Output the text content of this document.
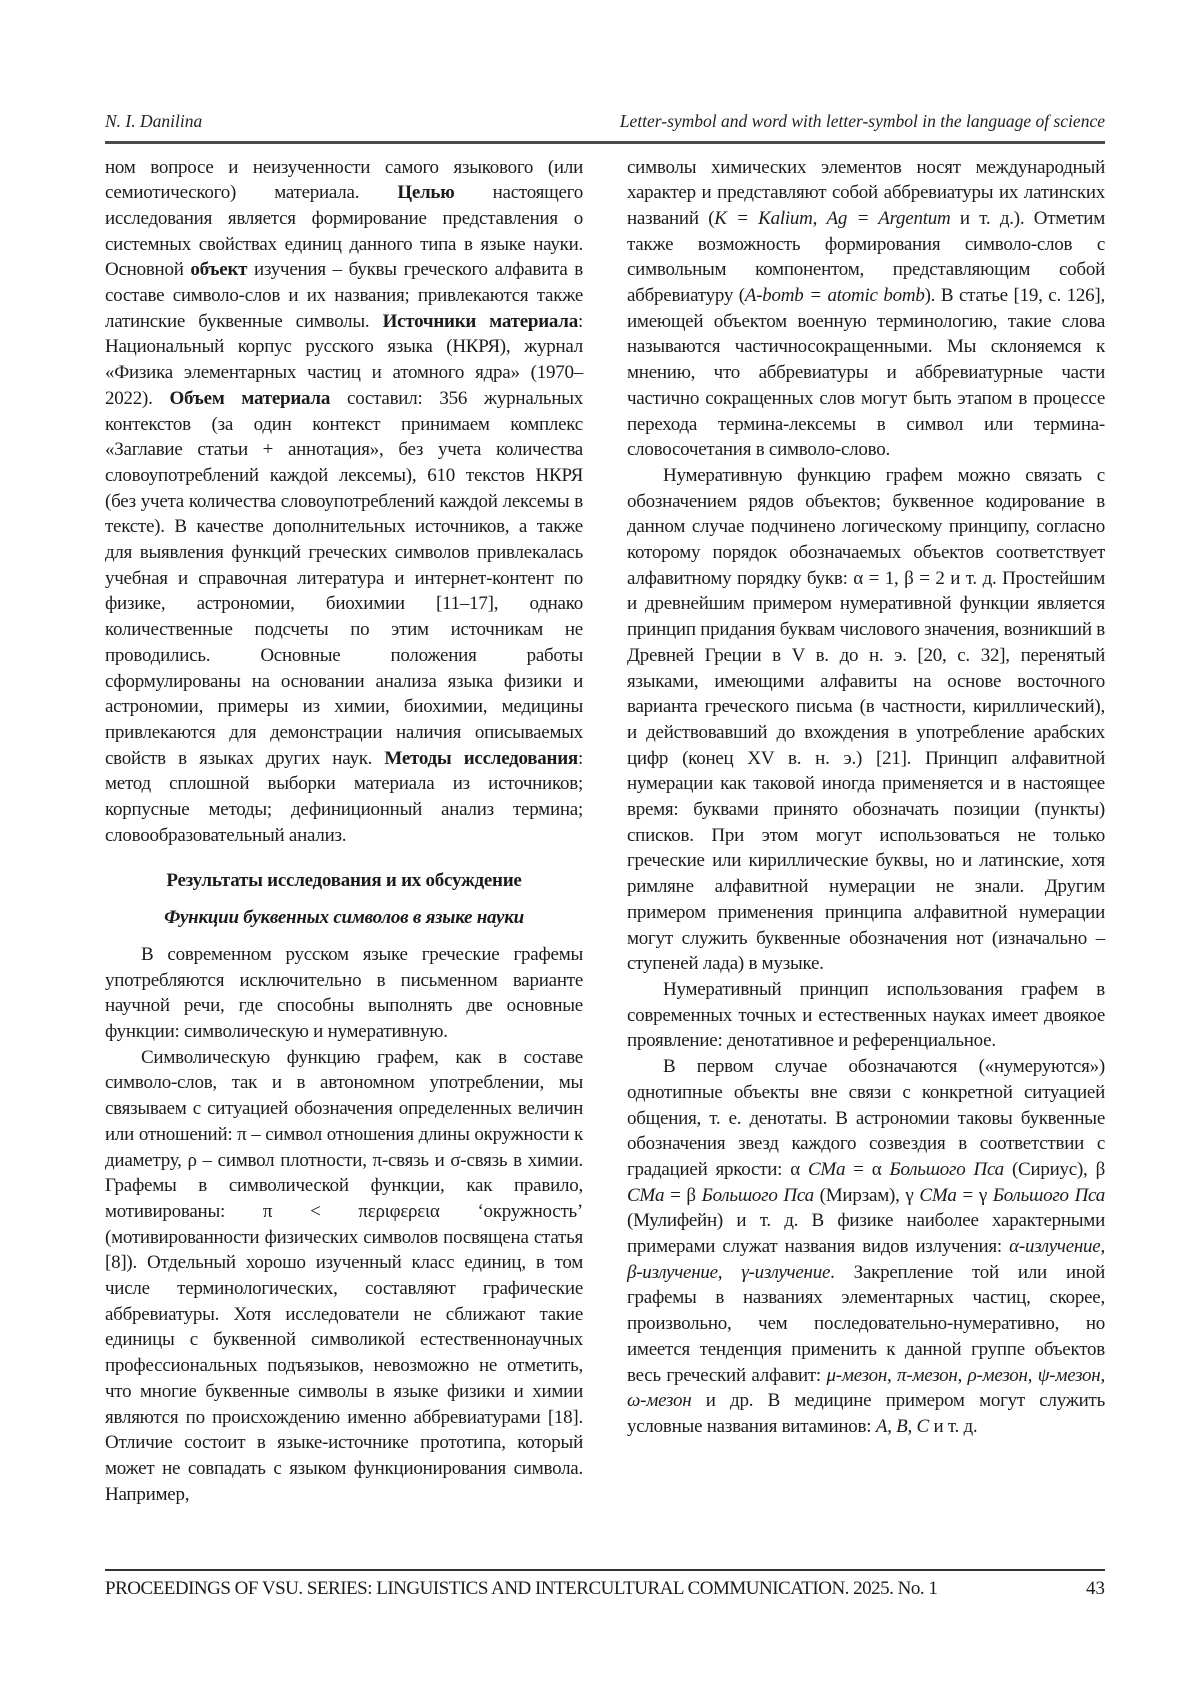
N. I. Danilina	Letter-symbol and word with letter-symbol in the language of science

ном вопросе и неизученности самого языкового (или семиотического) материала. Целью настоящего исследования является формирование представления о системных свойствах единиц данного типа в языке науки. Основной объект изучения – буквы греческого алфавита в составе символо-слов и их названия; привлекаются также латинские буквенные символы. Источники материала: Национальный корпус русского языка (НКРЯ), журнал «Физика элементарных частиц и атомного ядра» (1970–2022). Объем материала составил: 356 журнальных контекстов (за один контекст принимаем комплекс «Заглавие статьи + аннотация», без учета количества словоупотреблений каждой лексемы), 610 текстов НКРЯ (без учета количества словоупотреблений каждой лексемы в тексте). В качестве дополнительных источников, а также для выявления функций греческих символов привлекалась учебная и справочная литература и интернет-контент по физике, астрономии, биохимии [11–17], однако количественные подсчеты по этим источникам не проводились. Основные положения работы сформулированы на основании анализа языка физики и астрономии, примеры из химии, биохимии, медицины привлекаются для демонстрации наличия описываемых свойств в языках других наук. Методы исследования: метод сплошной выборки материала из источников; корпусные методы; дефиниционный анализ термина; словообразовательный анализ.

Результаты исследования и их обсуждение
Функции буквенных символов в языке науки

В современном русском языке греческие графемы употребляются исключительно в письменном варианте научной речи, где способны выполнять две основные функции: символическую и нумеративную.

Символическую функцию графем, как в составе символо-слов, так и в автономном употреблении, мы связываем с ситуацией обозначения определенных величин или отношений: π – символ отношения длины окружности к диаметру, ρ – символ плотности, π-связь и σ-связь в химии. Графемы в символической функции, как правило, мотивированы: π < περιφερεια ‘окружность’ (мотивированности физических символов посвящена статья [8]). Отдельный хорошо изученный класс единиц, в том числе терминологических, составляют графические аббревиатуры. Хотя исследователи не сближают такие единицы с буквенной символикой естественнонаучных профессиональных подъязыков, невозможно не отметить, что многие буквенные символы в языке физики и химии являются по происхождению именно аббревиатурами [18]. Отличие состоит в языке-источнике прототипа, который может не совпадать с языком функционирования символа. Например,

символы химических элементов носят международный характер и представляют собой аббревиатуры их латинских названий (K = Kalium, Ag = Argentum и т. д.). Отметим также возможность формирования символо-слов с символьным компонентом, представляющим собой аббревиатуру (A-bomb = atomic bomb). В статье [19, с. 126], имеющей объектом военную терминологию, такие слова называются частичносокращенными. Мы склоняемся к мнению, что аббревиатуры и аббревиатурные части частично сокращенных слов могут быть этапом в процессе перехода термина-лексемы в символ или термина-словосочетания в символо-слово.

Нумеративную функцию графем можно связать с обозначением рядов объектов; буквенное кодирование в данном случае подчинено логическому принципу, согласно которому порядок обозначаемых объектов соответствует алфавитному порядку букв: α = 1, β = 2 и т. д. Простейшим и древнейшим примером нумеративной функции является принцип придания буквам числового значения, возникший в Древней Греции в V в. до н. э. [20, с. 32], перенятый языками, имеющими алфавиты на основе восточного варианта греческого письма (в частности, кириллический), и действовавший до вхождения в употребление арабских цифр (конец XV в. н. э.) [21]. Принцип алфавитной нумерации как таковой иногда применяется и в настоящее время: буквами принято обозначать позиции (пункты) списков. При этом могут использоваться не только греческие или кириллические буквы, но и латинские, хотя римляне алфавитной нумерации не знали. Другим примером применения принципа алфавитной нумерации могут служить буквенные обозначения нот (изначально – ступеней лада) в музыке.

Нумеративный принцип использования графем в современных точных и естественных науках имеет двоякое проявление: денотативное и референциальное.

В первом случае обозначаются («нумеруются») однотипные объекты вне связи с конкретной ситуацией общения, т. е. денотаты. В астрономии таковы буквенные обозначения звезд каждого созвездия в соответствии с градацией яркости: α CMa = α Большого Пса (Сириус), β CMa = β Большого Пса (Мирзам), γ CMa = γ Большого Пса (Мулифейн) и т. д. В физике наиболее характерными примерами служат названия видов излучения: α-излучение, β-излучение, γ-излучение. Закрепление той или иной графемы в названиях элементарных частиц, скорее, произвольно, чем последовательно-нумеративно, но имеется тенденция применить к данной группе объектов весь греческий алфавит: μ-мезон, π-мезон, ρ-мезон, ψ-мезон, ω-мезон и др. В медицине примером могут служить условные названия витаминов: A, B, C и т. д.

PROCEEDINGS OF VSU. SERIES: LINGUISTICS AND INTERCULTURAL COMMUNICATION. 2025. No. 1	43
